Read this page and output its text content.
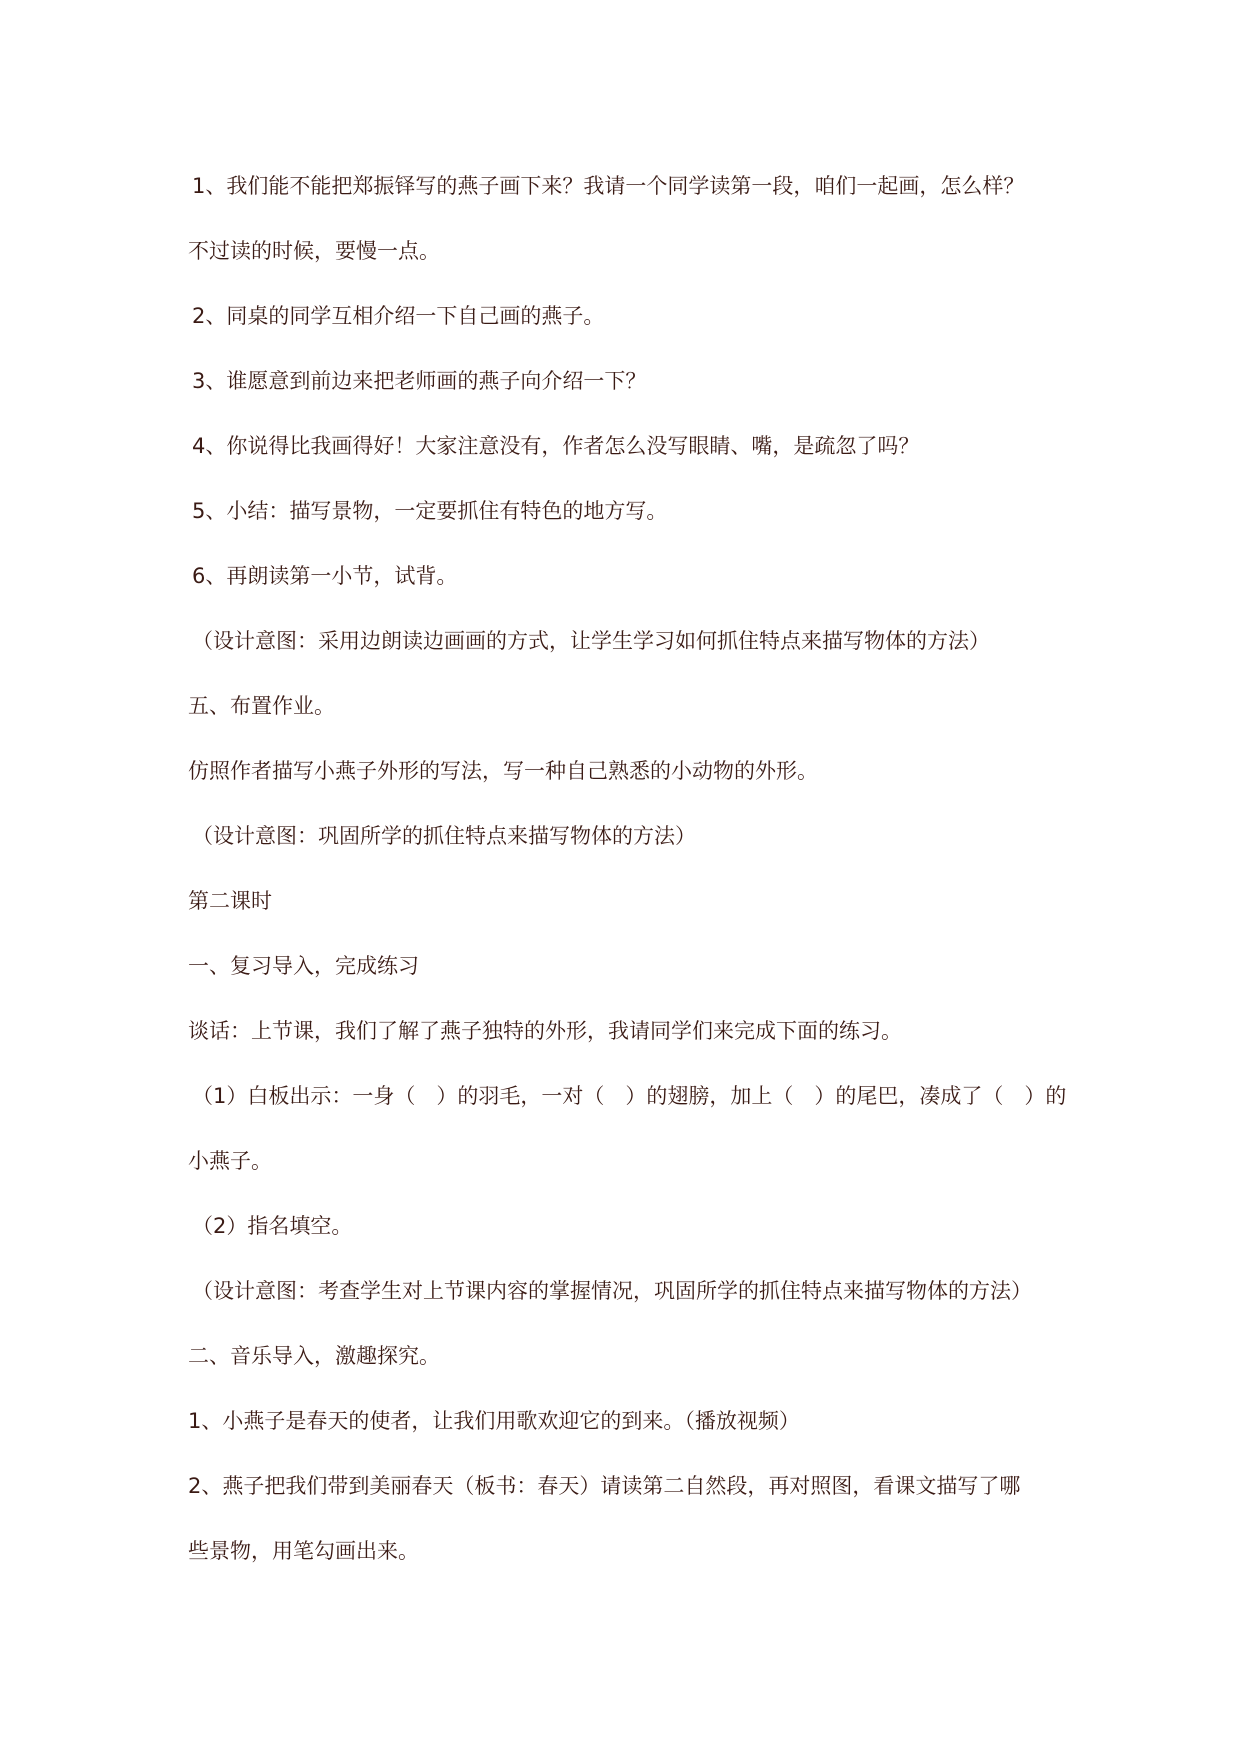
1、我们能不能把郑振铎写的燕子画下来？我请一个同学读第一段，咱们一起画，怎么样？
不过读的时候，要慢一点。
2、同桌的同学互相介绍一下自己画的燕子。
3、谁愿意到前边来把老师画的燕子向介绍一下？
4、你说得比我画得好！大家注意没有，作者怎么没写眼睛、嘴，是疏忽了吗？
5、小结：描写景物，一定要抓住有特色的地方写。
6、再朗读第一小节，试背。
（设计意图：采用边朗读边画画的方式，让学生学习如何抓住特点来描写物体的方法）
五、布置作业。
仿照作者描写小燕子外形的写法，写一种自己熟悉的小动物的外形。
（设计意图：巩固所学的抓住特点来描写物体的方法）
第二课时
一、复习导入，完成练习
谈话：上节课，我们了解了燕子独特的外形，我请同学们来完成下面的练习。
（1）白板出示：一身（　）的羽毛，一对（　）的翅膀，加上（　）的尾巴，凑成了（　）的
小燕子。
（2）指名填空。
（设计意图：考查学生对上节课内容的掌握情况，巩固所学的抓住特点来描写物体的方法）
二、音乐导入，激趣探究。
1、小燕子是春天的使者，让我们用歌欢迎它的到来。（播放视频）
2、燕子把我们带到美丽春天（板书：春天）请读第二自然段，再对照图，看课文描写了哪
些景物，用笔勾画出来。
